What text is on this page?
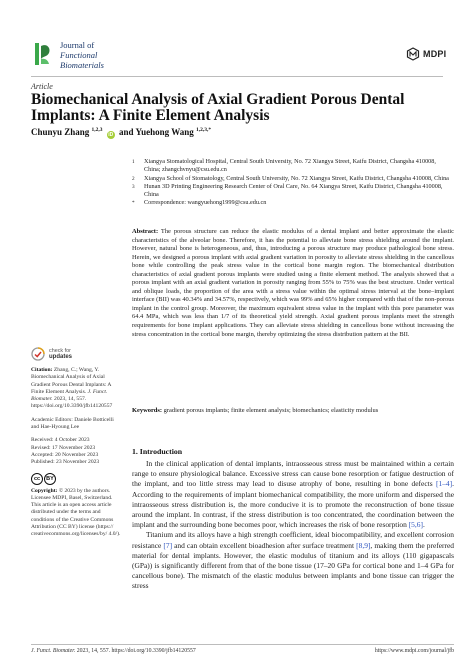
Journal of
Functional
Biomaterials
MDPI
Article
Biomechanical Analysis of Axial Gradient Porous Dental Implants: A Finite Element Analysis
Chunyu Zhang $^{1,2,3}$ iD and Yuehong Wang $^{1,2,3,*}$
1	Xiangya Stomatological Hospital, Central South University, No. 72 Xiangya Street, Kaifu District, Changsha 410008, China; zhangchvnyu@csu.edu.cn
2	Xiangya School of Stomatology, Central South University, No. 72 Xiangya Street, Kaifu District, Changsha 410008, China
3	Hunan 3D Printing Engineering Research Center of Oral Care, No. 64 Xiangya Street, Kaifu District, Changsha 410008, China
*	Correspondence: wangyuehong1999@csu.edu.cn
Abstract: The porous structure can reduce the elastic modulus of a dental implant and better approximate the elastic characteristics of the alveolar bone. Therefore, it has the potential to alleviate bone stress shielding around the implant. However, natural bone is heterogeneous, and, thus, introducing a porous structure may produce pathological bone stress. Herein, we designed a porous implant with axial gradient variation in porosity to alleviate stress shielding in the cancellous bone while controlling the peak stress value in the cortical bone margin region. The biomechanical distribution characteristics of axial gradient porous implants were studied using a finite element method. The analysis showed that a porous implant with an axial gradient variation in porosity ranging from 55% to 75% was the best structure. Under vertical and oblique loads, the proportion of the area with a stress value within the optimal stress interval at the bone–implant interface (BII) was 40.34% and 34.57%, respectively, which was 99% and 65% higher compared with that of the non-porous implant in the control group. Moreover, the maximum equivalent stress value in the implant with this pore parameter was 64.4 MPa, which was less than 1/7 of its theoretical yield strength. Axial gradient porous implants meet the strength requirements for bone implant applications. They can alleviate stress shielding in cancellous bone without increasing the stress concentration in the cortical bone margin, thereby optimizing the stress distribution pattern at the BII.
Keywords: gradient porous implants; finite element analysis; biomechanics; elasticity modulus
check for
updates
Citation: Zhang, C.; Wang, Y. Biomechanical Analysis of Axial Gradient Porous Dental Implants: A Finite Element Analysis. J. Funct. Biomater. 2023, 14, 557. https://doi.org/10.3390/jfb14120557
Academic Editors: Daniele Botticelli and Hae-Hyoung Lee
Received: 4 October 2023
Revised: 17 November 2023
Accepted: 20 November 2023
Published: 23 November 2023
cc	BY
Copyright: © 2023 by the authors. Licensee MDPI, Basel, Switzerland. This article is an open access article distributed under the terms and conditions of the Creative Commons Attribution (CC BY) license (https:// creativecommons.org/licenses/by/ 4.0/).
1. Introduction

In the clinical application of dental implants, intraosseous stress must be maintained within a certain range to ensure physiological balance. Excessive stress can cause bone resorption or fatigue destruction of the implant, and too little stress may lead to disuse atrophy of bone, resulting in bone defects [1–4]. According to the requirements of implant biomechanical compatibility, the more uniform and dispersed the intraosseous stress distribution is, the more conducive it is to promote the reconstruction of bone tissue around the implant. In contrast, if the stress distribution is too concentrated, the coordination between the implant and the surrounding bone becomes poor, which increases the risk of bone resorption [5,6].

Titanium and its alloys have a high strength coefficient, ideal biocompatibility, and excellent corrosion resistance [7] and can obtain excellent bioadhesion after surface treatment [8,9], making them the preferred material for dental implants. However, the elastic modulus of titanium and its alloys (110 gigapascals (GPa)) is significantly different from that of the bone tissue (17–20 GPa for cortical bone and 1–4 GPa for cancellous bone). The mismatch of the elastic modulus between implants and bone tissue can trigger the stress

J. Funct. Biomater. 2023, 14, 557. https://doi.org/10.3390/jfb14120557	https://www.mdpi.com/journal/jfb
